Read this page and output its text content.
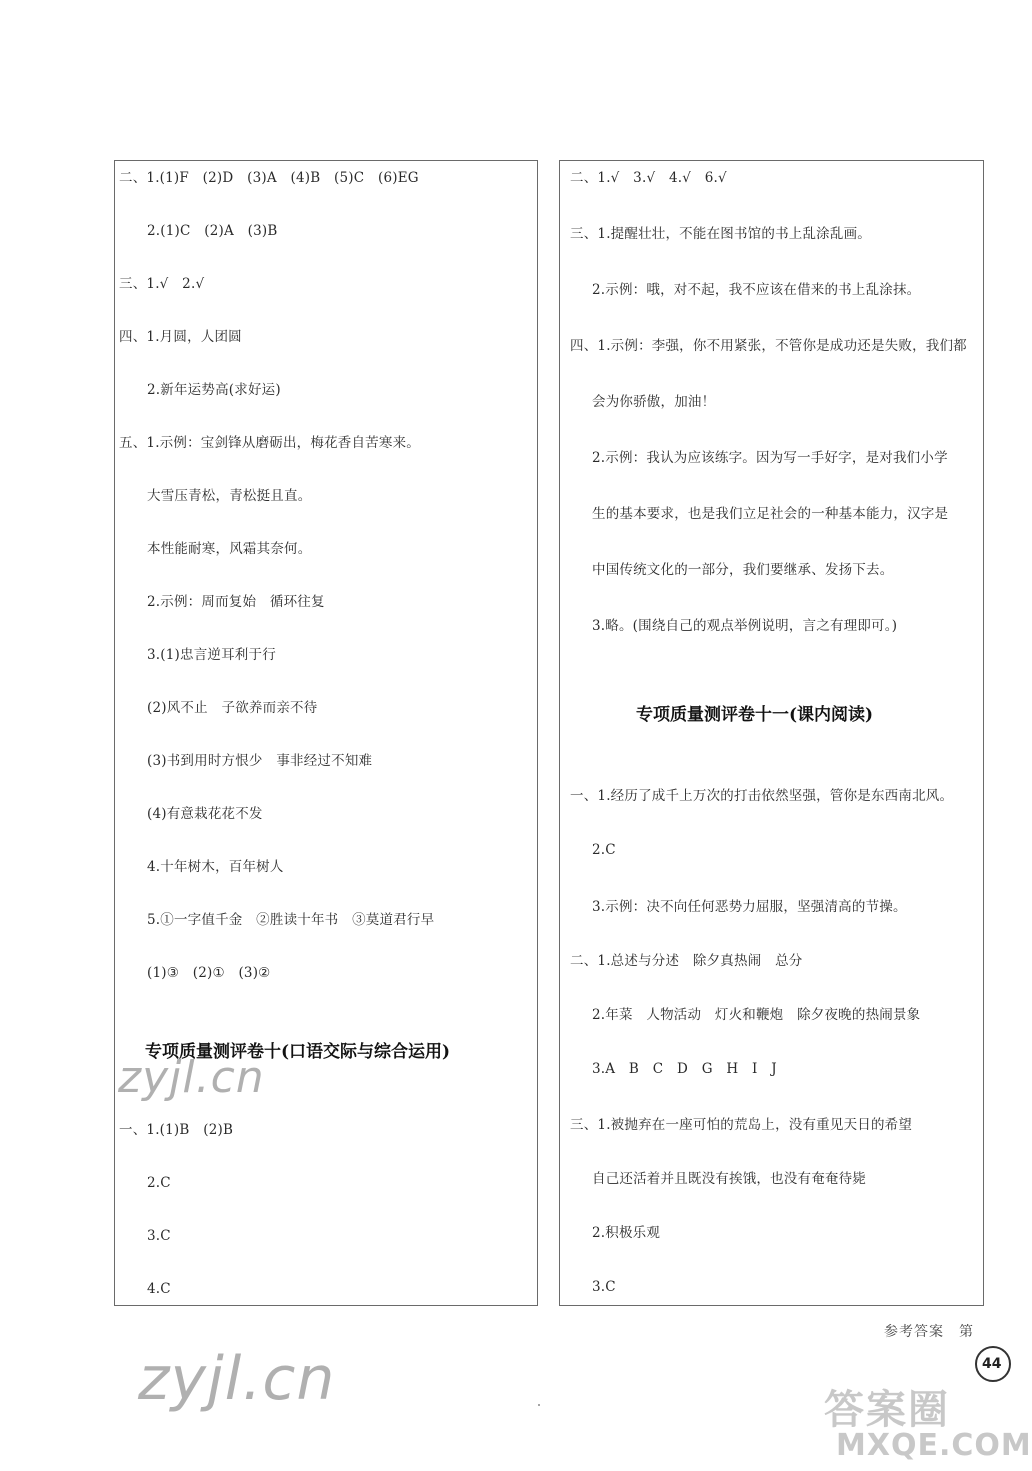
二、1.(1)F　(2)D　(3)A　(4)B　(5)C　(6)EG
2.(1)C　(2)A　(3)B
三、1.√　2.√
四、1.月圆，人团圆
2.新年运势高(求好运)
五、1.示例：宝剑锋从磨砺出，梅花香自苦寒来。
大雪压青松，青松挺且直。
本性能耐寒，风霜其奈何。
2.示例：周而复始　循环往复
3.(1)忠言逆耳利于行
(2)风不止　子欲养而亲不待
(3)书到用时方恨少　事非经过不知难
(4)有意栽花花不发
4.十年树木，百年树人
5.①一字值千金　②胜读十年书　③莫道君行早
(1)③　(2)①　(3)②
专项质量测评卷十(口语交际与综合运用)
一、1.(1)B　(2)B
2.C
3.C
4.C
二、1.√　3.√　4.√　6.√
三、1.提醒壮壮，不能在图书馆的书上乱涂乱画。
2.示例：哦，对不起，我不应该在借来的书上乱涂抹。
四、1.示例：李强，你不用紧张，不管你是成功还是失败，我们都
会为你骄傲，加油！
2.示例：我认为应该练字。因为写一手好字，是对我们小学
生的基本要求，也是我们立足社会的一种基本能力，汉字是
中国传统文化的一部分，我们要继承、发扬下去。
3.略。(围绕自己的观点举例说明，言之有理即可。)
专项质量测评卷十一(课内阅读)
一、1.经历了成千上万次的打击依然坚强，管你是东西南北风。
2.C
3.示例：决不向任何恶势力屈服，坚强清高的节操。
二、1.总述与分述　除夕真热闹　总分
2.年菜　人物活动　灯火和鞭炮　除夕夜晚的热闹景象
3.A　B　C　D　G　H　I　J
三、1.被抛弃在一座可怕的荒岛上，没有重见天日的希望
自己还活着并且既没有挨饿，也没有奄奄待毙
2.积极乐观
3.C
zyjl.cn
zyjl.cn
参考答案　第
44
答案圈
MXQE.COM
